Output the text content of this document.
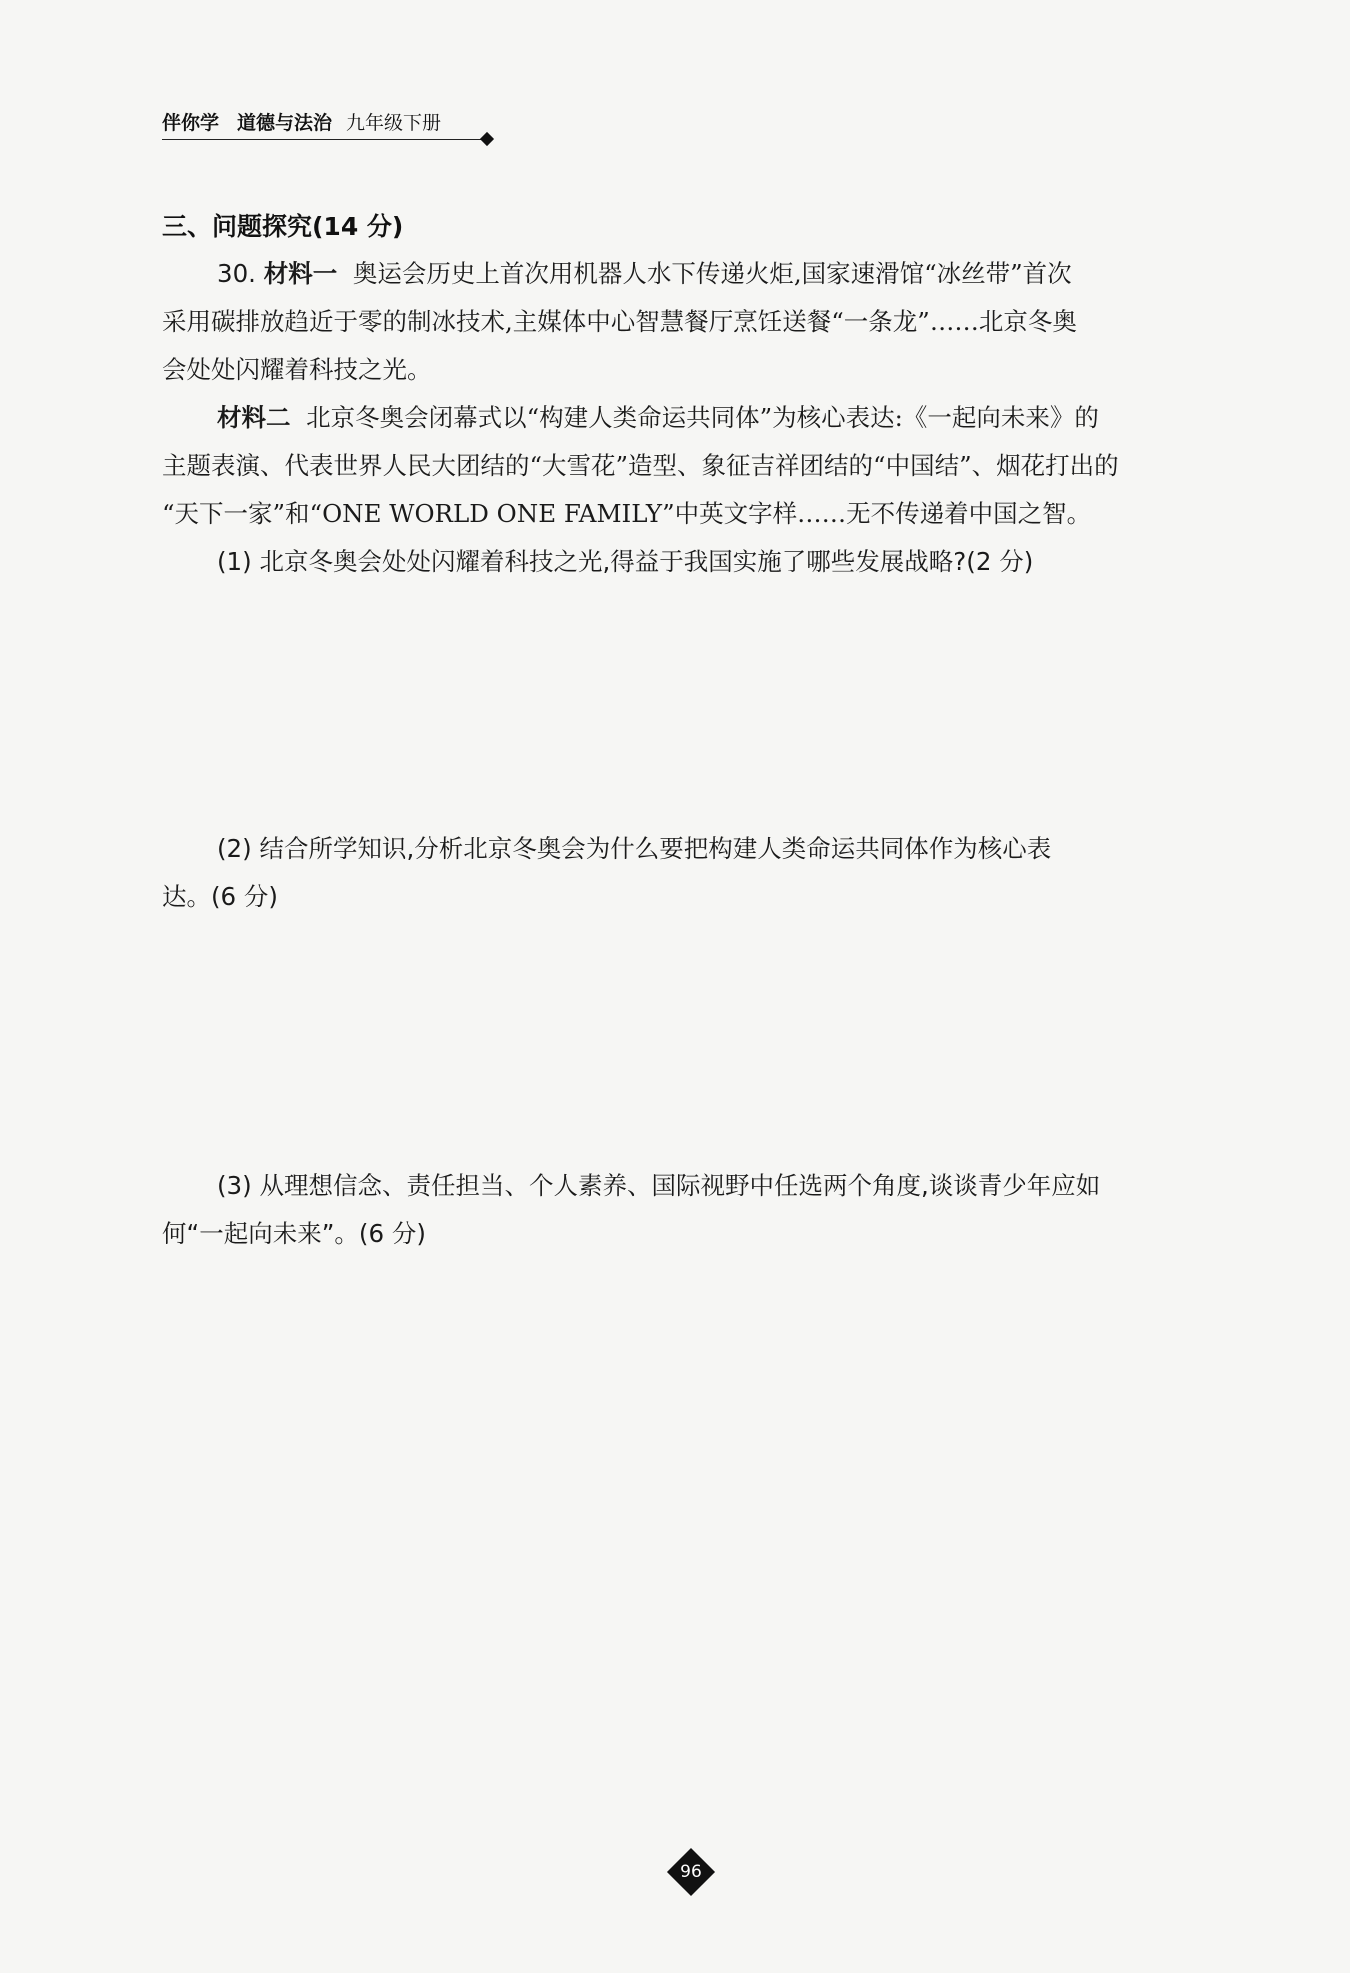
伴你学 道德与法治 九年级下册
三、问题探究(14 分)
30. 材料一 奥运会历史上首次用机器人水下传递火炬,国家速滑馆“冰丝带”首次
采用碳排放趋近于零的制冰技术,主媒体中心智慧餐厅烹饪送餐“一条龙”……北京冬奥
会处处闪耀着科技之光。
材料二 北京冬奥会闭幕式以“构建人类命运共同体”为核心表达:《一起向未来》的
主题表演、代表世界人民大团结的“大雪花”造型、象征吉祥团结的“中国结”、烟花打出的
“天下一家”和“ONE WORLD ONE FAMILY”中英文字样……无不传递着中国之智。
(1) 北京冬奥会处处闪耀着科技之光,得益于我国实施了哪些发展战略?(2 分)
(2) 结合所学知识,分析北京冬奥会为什么要把构建人类命运共同体作为核心表
达。(6 分)
(3) 从理想信念、责任担当、个人素养、国际视野中任选两个角度,谈谈青少年应如
何“一起向未来”。(6 分)
96
